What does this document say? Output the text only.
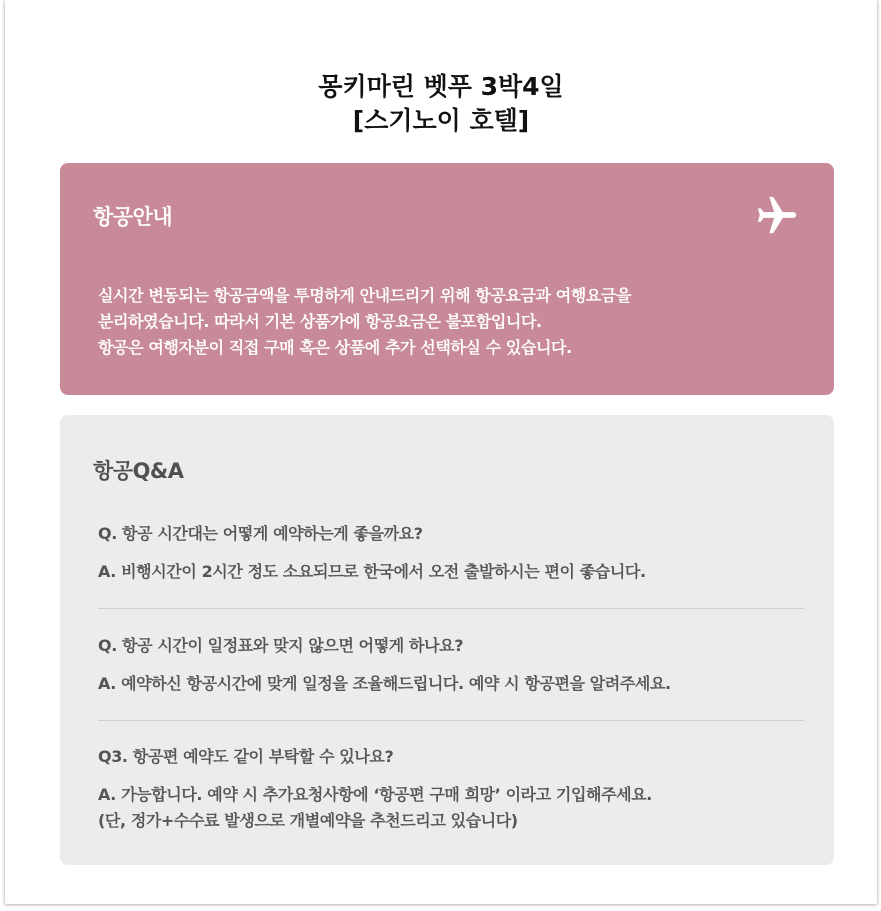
몽키마린 벳푸 3박4일
[스기노이 호텔]
항공안내
실시간 변동되는 항공금액을 투명하게 안내드리기 위해 항공요금과 여행요금을
분리하였습니다. 따라서 기본 상품가에 항공요금은 불포함입니다.
항공은 여행자분이 직접 구매 혹은 상품에 추가 선택하실 수 있습니다.
항공Q&A
Q. 항공 시간대는 어떻게 예약하는게 좋을까요?
A. 비행시간이 2시간 정도 소요되므로 한국에서 오전 출발하시는 편이 좋습니다.
Q. 항공 시간이 일정표와 맞지 않으면 어떻게 하나요?
A. 예약하신 항공시간에 맞게 일정을 조율해드립니다. 예약 시 항공편을 알려주세요.
Q3. 항공편 예약도 같이 부탁할 수 있나요?
A. 가능합니다. 예약 시 추가요청사항에 ‘항공편 구매 희망’ 이라고 기입해주세요.
(단, 정가+수수료 발생으로 개별예약을 추천드리고 있습니다)
